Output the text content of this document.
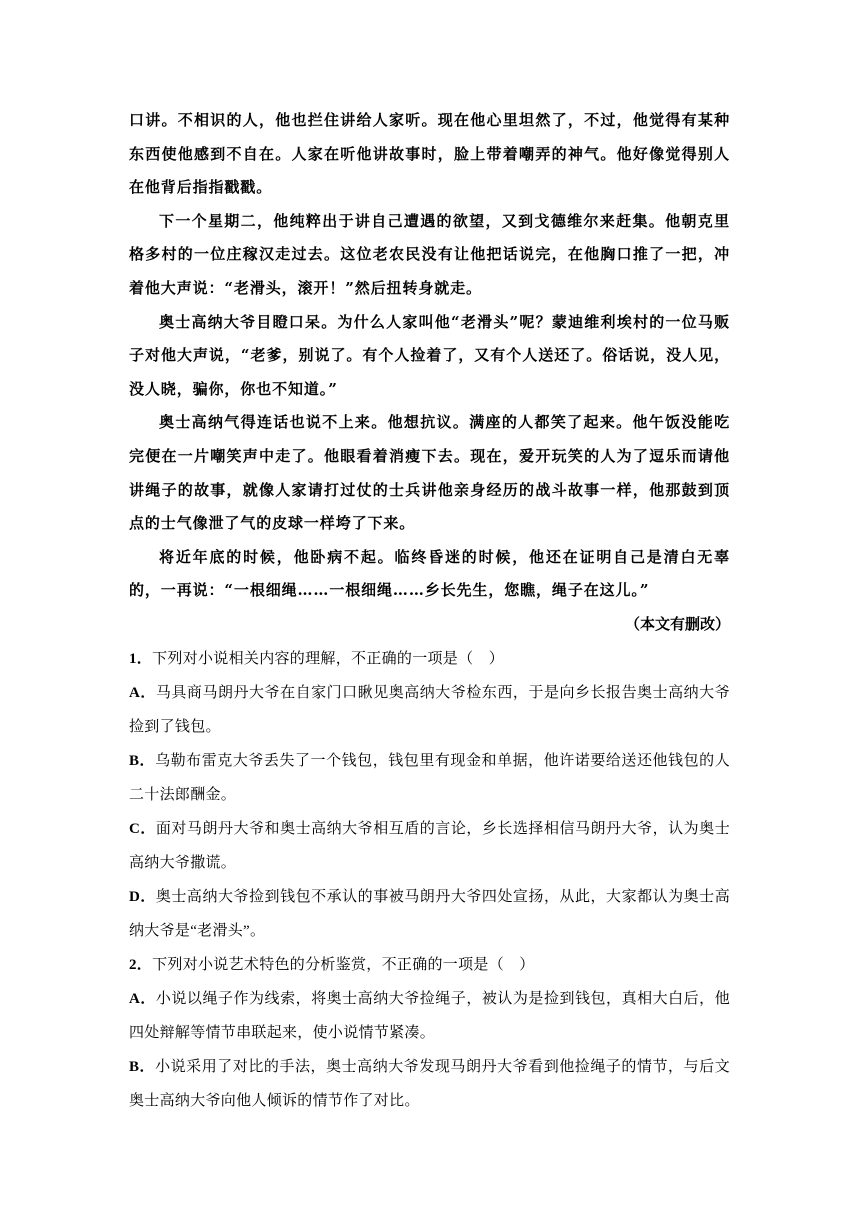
口讲。不相识的人，他也拦住讲给人家听。现在他心里坦然了，不过，他觉得有某种东西使他感到不自在。人家在听他讲故事时，脸上带着嘲弄的神气。他好像觉得别人在他背后指指戳戳。

下一个星期二，他纯粹出于讲自己遭遇的欲望，又到戈德维尔来赶集。他朝克里格多村的一位庄稼汉走过去。这位老农民没有让他把话说完，在他胸口推了一把，冲着他大声说：“老滑头，滚开！”然后扭转身就走。

奥士高纳大爷目瞪口呆。为什么人家叫他“老滑头”呢？蒙迪维利埃村的一位马贩子对他大声说，“老爹，别说了。有个人捡着了，又有个人送还了。俗话说，没人见，没人晓，骗你，你也不知道。”

奥士高纳气得连话也说不上来。他想抗议。满座的人都笑了起来。他午饭没能吃完便在一片嘲笑声中走了。他眼看着消瘦下去。现在，爱开玩笑的人为了逗乐而请他讲绳子的故事，就像人家请打过仗的士兵讲他亲身经历的战斗故事一样，他那鼓到顶点的士气像泄了气的皮球一样垮了下来。

将近年底的时候，他卧病不起。临终昏迷的时候，他还在证明自己是清白无辜的，一再说：“一根细绳……一根细绳……乡长先生，您瞧，绳子在这儿。”

（本文有删改）

1．下列对小说相关内容的理解，不正确的一项是（　）

A．马具商马朗丹大爷在自家门口瞅见奥高纳大爷检东西，于是向乡长报告奥士高纳大爷捡到了钱包。

B．乌勒布雷克大爷丢失了一个钱包，钱包里有现金和单据，他许诺要给送还他钱包的人二十法郎酬金。

C．面对马朗丹大爷和奥士高纳大爷相互盾的言论，乡长选择相信马朗丹大爷，认为奥士高纳大爷撒谎。

D．奥士高纳大爷捡到钱包不承认的事被马朗丹大爷四处宣扬，从此，大家都认为奥士高纳大爷是“老滑头”。

2．下列对小说艺术特色的分析鉴赏，不正确的一项是（　）

A．小说以绳子作为线索，将奥士高纳大爷捡绳子，被认为是捡到钱包，真相大白后，他四处辩解等情节串联起来，使小说情节紧凑。

B．小说采用了对比的手法，奥士高纳大爷发现马朗丹大爷看到他捡绳子的情节，与后文奥士高纳大爷向他人倾诉的情节作了对比。
